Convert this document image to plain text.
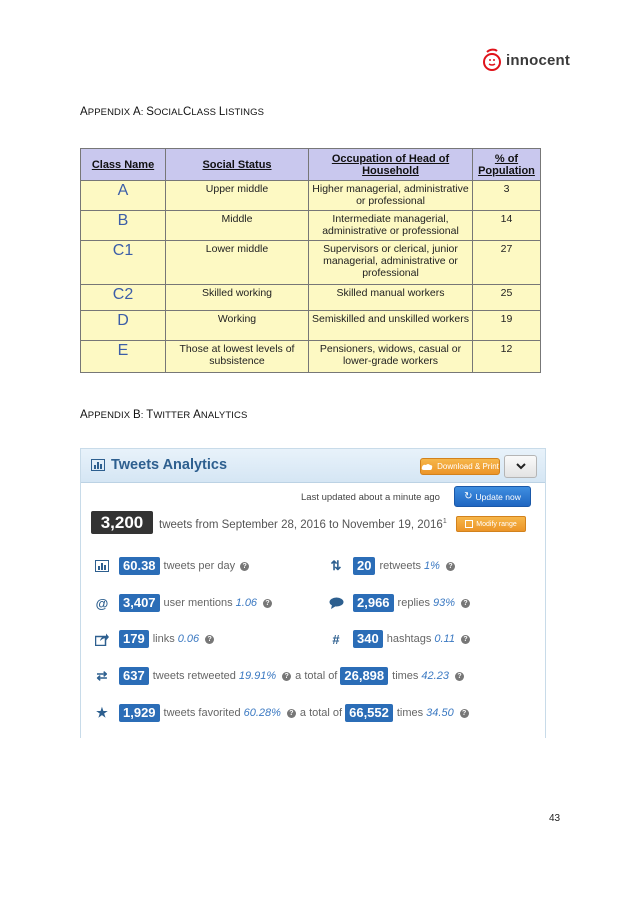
innocent
APPENDIX A: SOCIALCLASS LISTINGS
Class Name	Social Status	Occupation of Head of Household	% of Population
A	Upper middle	Higher managerial, administrative or professional	3
B	Middle	Intermediate managerial, administrative or professional	14
C1	Lower middle	Supervisors or clerical, junior managerial, administrative or professional	27
C2	Skilled working	Skilled manual workers	25
D	Working	Semiskilled and unskilled workers	19
E	Those at lowest levels of subsistence	Pensioners, widows, casual or lower-grade workers	12
APPENDIX B: TWITTER ANALYTICS
Tweets Analytics	Download & Print
Last updated about a minute ago ↻ Update now
3,200	tweets from September 28, 2016 to November 19, 2016$^1$	Modify range
60.38 tweets per day	?	⇅	20 retweets 1%	?
@	3,407 user mentions 1.06	?	2,966 replies 93%	?
179 links 0.06	?	#	340 hashtags 0.11	?
⇄	637 tweets retweeted 19.91%	? a total of 26,898 times 42.23	?
★	1,929 tweets favorited 60.28%	? a total of 66,552 times 34.50	?
43
